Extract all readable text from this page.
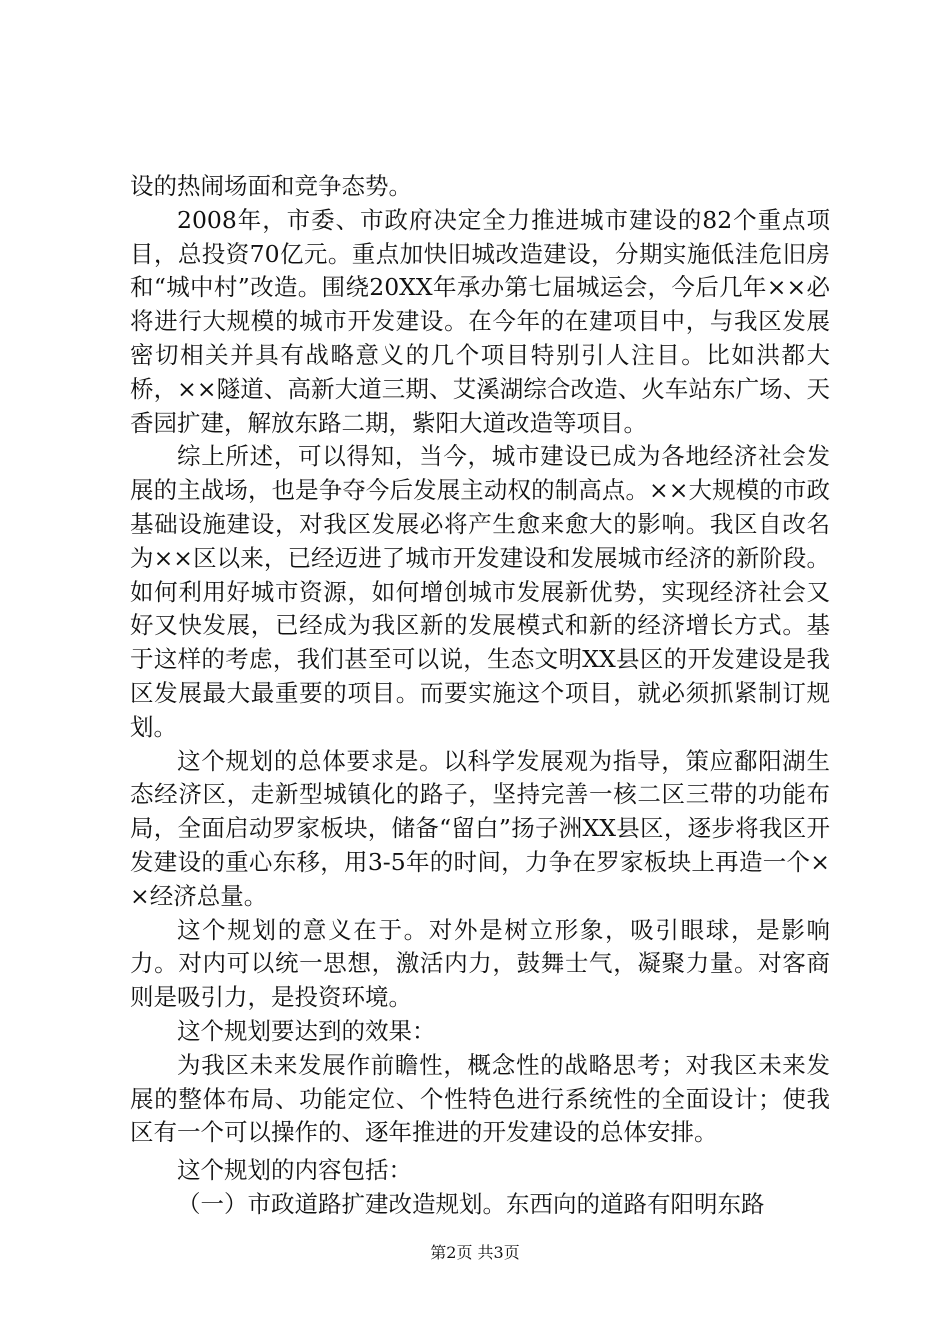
设的热闹场面和竞争态势。

2008年，市委、市政府决定全力推进城市建设的82个重点项目，总投资70亿元。重点加快旧城改造建设，分期实施低洼危旧房和“城中村”改造。围绕20XX年承办第七届城运会，今后几年××必将进行大规模的城市开发建设。在今年的在建项目中，与我区发展密切相关并具有战略意义的几个项目特别引人注目。比如洪都大桥，××隧道、高新大道三期、艾溪湖综合改造、火车站东广场、天香园扩建，解放东路二期，紫阳大道改造等项目。

综上所述，可以得知，当今，城市建设已成为各地经济社会发展的主战场，也是争夺今后发展主动权的制高点。××大规模的市政基础设施建设，对我区发展必将产生愈来愈大的影响。我区自改名为××区以来，已经迈进了城市开发建设和发展城市经济的新阶段。如何利用好城市资源，如何增创城市发展新优势，实现经济社会又好又快发展，已经成为我区新的发展模式和新的经济增长方式。基于这样的考虑，我们甚至可以说，生态文明XX县区的开发建设是我区发展最大最重要的项目。而要实施这个项目，就必须抓紧制订规划。

这个规划的总体要求是。以科学发展观为指导，策应鄱阳湖生态经济区，走新型城镇化的路子，坚持完善一核二区三带的功能布局，全面启动罗家板块，储备“留白”扬子洲XX县区，逐步将我区开发建设的重心东移，用3-5年的时间，力争在罗家板块上再造一个××经济总量。

这个规划的意义在于。对外是树立形象，吸引眼球，是影响力。对内可以统一思想，激活内力，鼓舞士气，凝聚力量。对客商则是吸引力，是投资环境。

这个规划要达到的效果：

为我区未来发展作前瞻性，概念性的战略思考；对我区未来发展的整体布局、功能定位、个性特色进行系统性的全面设计；使我区有一个可以操作的、逐年推进的开发建设的总体安排。

这个规划的内容包括：

（一）市政道路扩建改造规划。东西向的道路有阳明东路

第2页 共3页
